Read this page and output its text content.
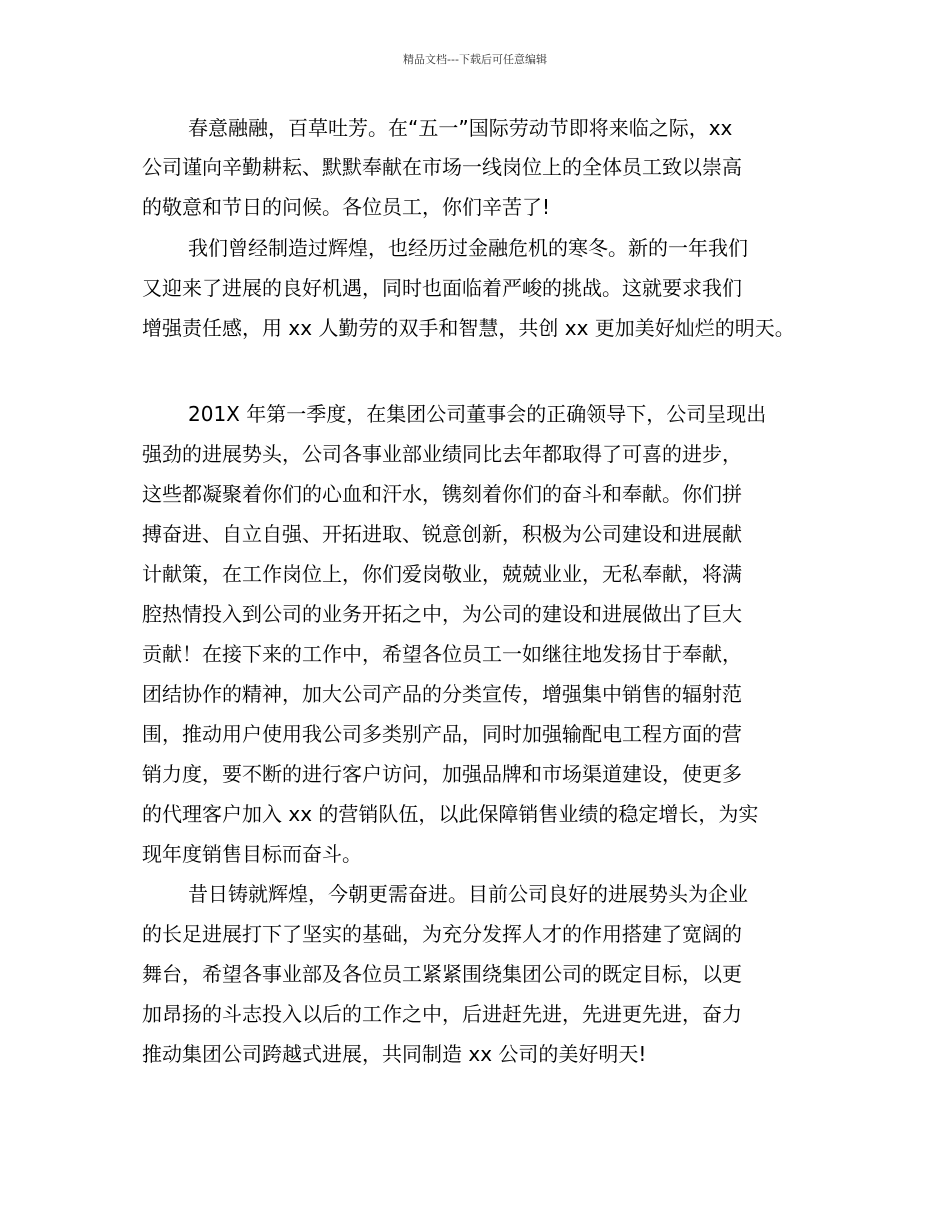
精品文档---下载后可任意编辑
春意融融，百草吐芳。在“五一”国际劳动节即将来临之际，xx
公司谨向辛勤耕耘、默默奉献在市场一线岗位上的全体员工致以崇高
的敬意和节日的问候。各位员工，你们辛苦了!
我们曾经制造过辉煌，也经历过金融危机的寒冬。新的一年我们
又迎来了进展的良好机遇，同时也面临着严峻的挑战。这就要求我们
增强责任感，用 xx 人勤劳的双手和智慧，共创 xx 更加美好灿烂的明天。
201X 年第一季度，在集团公司董事会的正确领导下，公司呈现出
强劲的进展势头，公司各事业部业绩同比去年都取得了可喜的进步，
这些都凝聚着你们的心血和汗水，镌刻着你们的奋斗和奉献。你们拼
搏奋进、自立自强、开拓进取、锐意创新，积极为公司建设和进展献
计献策，在工作岗位上，你们爱岗敬业，兢兢业业，无私奉献，将满
腔热情投入到公司的业务开拓之中，为公司的建设和进展做出了巨大
贡献！在接下来的工作中，希望各位员工一如继往地发扬甘于奉献，
团结协作的精神，加大公司产品的分类宣传，增强集中销售的辐射范
围，推动用户使用我公司多类别产品，同时加强输配电工程方面的营
销力度，要不断的进行客户访问，加强品牌和市场渠道建设，使更多
的代理客户加入 xx 的营销队伍，以此保障销售业绩的稳定增长，为实
现年度销售目标而奋斗。
昔日铸就辉煌，今朝更需奋进。目前公司良好的进展势头为企业
的长足进展打下了坚实的基础，为充分发挥人才的作用搭建了宽阔的
舞台，希望各事业部及各位员工紧紧围绕集团公司的既定目标，以更
加昂扬的斗志投入以后的工作之中，后进赶先进，先进更先进，奋力
推动集团公司跨越式进展，共同制造 xx 公司的美好明天!
